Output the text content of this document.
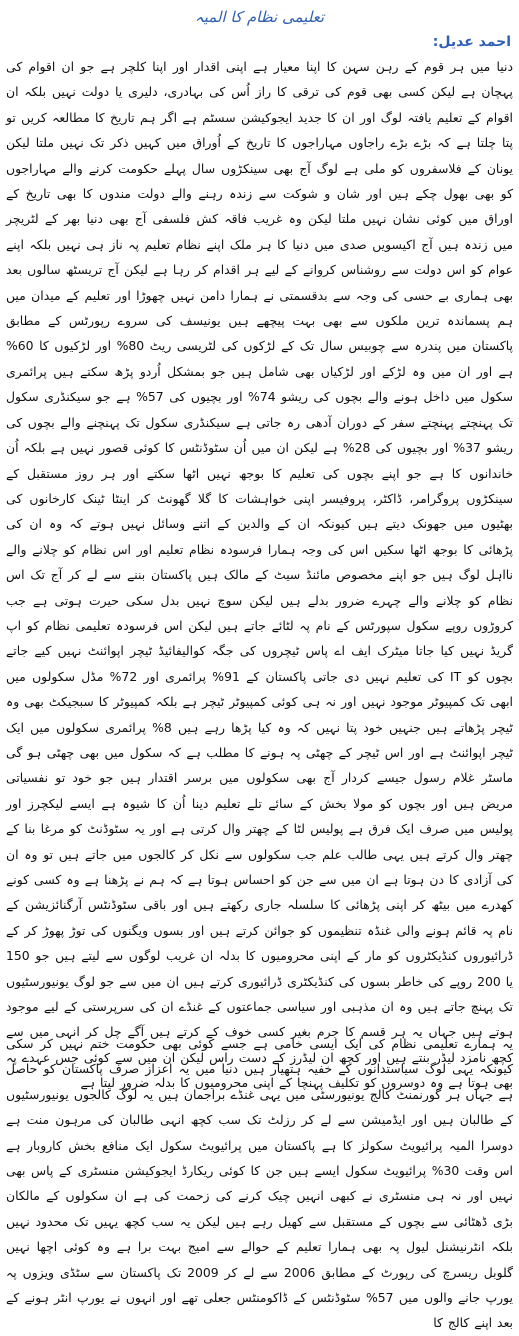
تعلیمی نظام کا المیہ
احمد عدیل:

دنیا میں ہر قوم کے رہن سہن کا اپنا معیار ہے اپنی اقدار اور اپنا کلچر ہے جو ان اقوام کی پہچان ہے لیکن کسی بھی قوم کی ترقی کا راز اُس کی بہادری، دلیری یا دولت نہیں بلکہ ان اقوام کے تعلیم یافتہ لوگ اور ان کا جدید ایجوکیشن سسٹم ہے اگر ہم تاریخ کا مطالعہ کریں تو پتا چلتا ہے کہ بڑے بڑے راجاوں مہاراجوں کا تاریخ کے اُوراق میں کہیں ذکر تک نہیں ملتا لیکن یونان کے فلاسفروں کو ملی ہے لوگ آج بھی سینکڑوں سال پہلے حکومت کرنے والے مہاراجوں کو بھی بھول چکے ہیں اور شان و شوکت سے زندہ رہنے والے دولت مندوں کا بھی تاریخ کے اوراق میں کوئی نشان نہیں ملتا لیکن وہ غریب فاقہ کش فلسفی آج بھی دنیا بھر کے لٹریچر میں زندہ ہیں آج اکیسویں صدی میں دنیا کا ہر ملک اپنے نظام تعلیم پہ ناز ہی نہیں بلکہ اپنے عوام کو اس دولت سے روشناس کروانے کے لیے ہر اقدام کر رہا ہے لیکن آج تریسٹھ سالوں بعد بھی ہماری بے حسی کی وجہ سے بدقسمتی نے ہمارا دامن نہیں چھوڑا اور تعلیم کے میدان میں ہم پسماندہ ترین ملکوں سے بھی بہت پیچھے ہیں یونیسف کی سروے رپورٹس کے مطابق پاکستان میں پندرہ سے چوبیس سال تک کے لڑکوں کی لٹریسی ریٹ 80% اور لڑکیوں کا 60% ہے اور ان میں وہ لڑکے اور لڑکیاں بھی شامل ہیں جو بمشکل اُردو پڑھ سکتے ہیں پرائمری سکول میں داخل ہونے والے بچوں کی ریشو 74% اور بچیوں کی 57% ہے جو سیکنڈری سکول تک پہنچتے پہنچتے سفر کے دوران آدھی رہ جاتی ہے سیکنڈری سکول تک پہنچنے والے بچوں کی ریشو 37% اور بچیوں کی 28% ہے لیکن ان میں اُن سٹوڈنٹس کا کوئی قصور نہیں ہے بلکہ اُن خاندانوں کا ہے جو اپنے بچوں کی تعلیم کا بوجھ نہیں اٹھا سکتے اور ہر روز مستقبل کے سینکڑوں پروگرامر، ڈاکٹر، پروفیسر اپنی خواہشات کا گلا گھونٹ کر اینٹا ٹینک کارخانوں کی بھٹیوں میں جھونک دیتے ہیں کیونکہ ان کے والدین کے اتنے وسائل نہیں ہوتے کہ وہ ان کی پڑھائی کا بوجھ اٹھا سکیں اس کی وجہ ہمارا فرسودہ نظام تعلیم اور اس نظام کو چلانے والے نااہل لوگ ہیں جو اپنے مخصوص مائنڈ سیٹ کے مالک ہیں پاکستان بننے سے لے کر آج تک اس نظام کو چلانے والے چہرے ضرور بدلے ہیں لیکن سوچ نہیں بدل سکی حیرت ہوتی ہے جب کروڑوں روپے سکول سپورٹس کے نام پہ لٹائے جاتے ہیں لیکن اس فرسودہ تعلیمی نظام کو اپ گریڈ نہیں کیا جاتا میٹرک ایف اے پاس ٹیچروں کی جگہ کوالیفائیڈ ٹیچر اپوائنٹ نہیں کیے جاتے بچوں کو IT کی تعلیم نہیں دی جاتی پاکستان کے 91% پرائمری اور 72% مڈل سکولوں میں ابھی تک کمپیوٹر موجود نہیں اور نہ ہی کوئی کمپیوٹر ٹیچر ہے بلکہ کمپیوٹر کا سبجیکٹ بھی وہ ٹیچر پڑھاتے ہیں جنہیں خود پتا نہیں کہ وہ کیا پڑھا رہے ہیں 8% پرائمری سکولوں میں ایک ٹیچر اپوائنٹ ہے اور اس ٹیچر کے چھٹی پہ ہونے کا مطلب ہے کہ سکول میں بھی چھٹی ہو گی ماسٹر غلام رسول جیسے کردار آج بھی سکولوں میں برسر اقتدار ہیں جو خود تو نفسیاتی مریض ہیں اور بچوں کو مولا بخش کے سائے تلے تعلیم دینا اُن کا شیوہ ہے ایسے لیکچرز اور پولیس میں صرف ایک فرق ہے پولیس لٹا کے چھتر وال کرتی ہے اور یہ سٹوڈنٹ کو مرغا بنا کے چھتر وال کرتے ہیں یہی طالب علم جب سکولوں سے نکل کر کالجوں میں جاتے ہیں تو وہ ان کی آزادی کا دن ہوتا ہے ان میں سے جن کو احساس ہوتا ہے کہ ہم نے پڑھنا ہے وہ کسی کونے کھدرے میں بیٹھ کر اپنی پڑھائی کا سلسلہ جاری رکھتے ہیں اور باقی سٹوڈنٹس آرگنائزیشن کے نام پہ قائم ہونے والی غنڈہ تنظیموں کو جوائن کرتے ہیں اور بسوں ویگنوں کی توڑ پھوڑ کر کے ڈرائیوروں کنڈیکٹروں کو مار کے اپنی محرومیوں کا بدلہ ان غریب لوگوں سے لیتے ہیں جو 150 یا 200 روپے کی خاطر بسوں کی کنڈیکٹری ڈرائیوری کرتے ہیں ان میں سے جو لوگ یونیورسٹیوں تک پہنچ جاتے ہیں وہ ان مذہبی اور سیاسی جماعتوں کے غنڈے ان کی سرپرستی کے لیے موجود ہوتے ہیں جہاں یہ ہر قسم کا جرم بغیر کسی خوف کے کرتے ہیں آگے چل کر انہی میں سے کچھ نامزد لیڈر بنتے ہیں اور کچھ ان لیڈرز کے دست راس لیکن ان میں سے کوئی جس عہدے پہ بھی ہوتا ہے وہ دوسروں کو تکلیف پہنچا کے اپنی محرومیوں کا بدلہ ضرور لیتا ہے

یہ ہمارے تعلیمی نظام کی ایک ایسی خامی ہے جسے کوئی بھی حکومت ختم نہیں کر سکی کیونکہ یہی لوگ سیاستدانوں کے خفیہ ہتھیار ہیں دنیا میں یہ اعزاز صرف پاکستان کو حاصل ہے جہاں ہر گورنمنٹ کالج یونیورسٹی میں یہی غنڈے براجمان ہیں یہ لوگ کالجوں یونیورسٹیوں کے طالبان ہیں اور ایڈمیشن سے لے کر رزلٹ تک سب کچھ انہی طالبان کی مرہون منت ہے دوسرا المیہ پرائیویٹ سکولز کا ہے پاکستان میں پرائیویٹ سکول ایک منافع بخش کاروبار ہے اس وقت 30% پرائیویٹ سکول ایسے ہیں جن کا کوئی ریکارڈ ایجوکیشن منسٹری کے پاس بھی نہیں اور نہ ہی منسٹری نے کبھی انہیں چیک کرنے کی زحمت کی ہے ان سکولوں کے مالکان بڑی ڈھٹائی سے بچوں کے مستقبل سے کھیل رہے ہیں لیکن یہ سب کچھ یہیں تک محدود نہیں بلکہ انٹرنیشنل لیول پہ بھی ہمارا تعلیم کے حوالے سے امیج بہت برا ہے وہ کوئی اچھا نہیں گلوبل ریسرچ کی رپورٹ کے مطابق 2006 سے لے کر 2009 تک پاکستان سے سٹڈی ویزوں پہ یورپ جانے والوں میں 57% سٹوڈنٹس کے ڈاکومنٹس جعلی تھے اور انہوں نے یورپ انٹر ہونے کے بعد اپنے کالج کا
